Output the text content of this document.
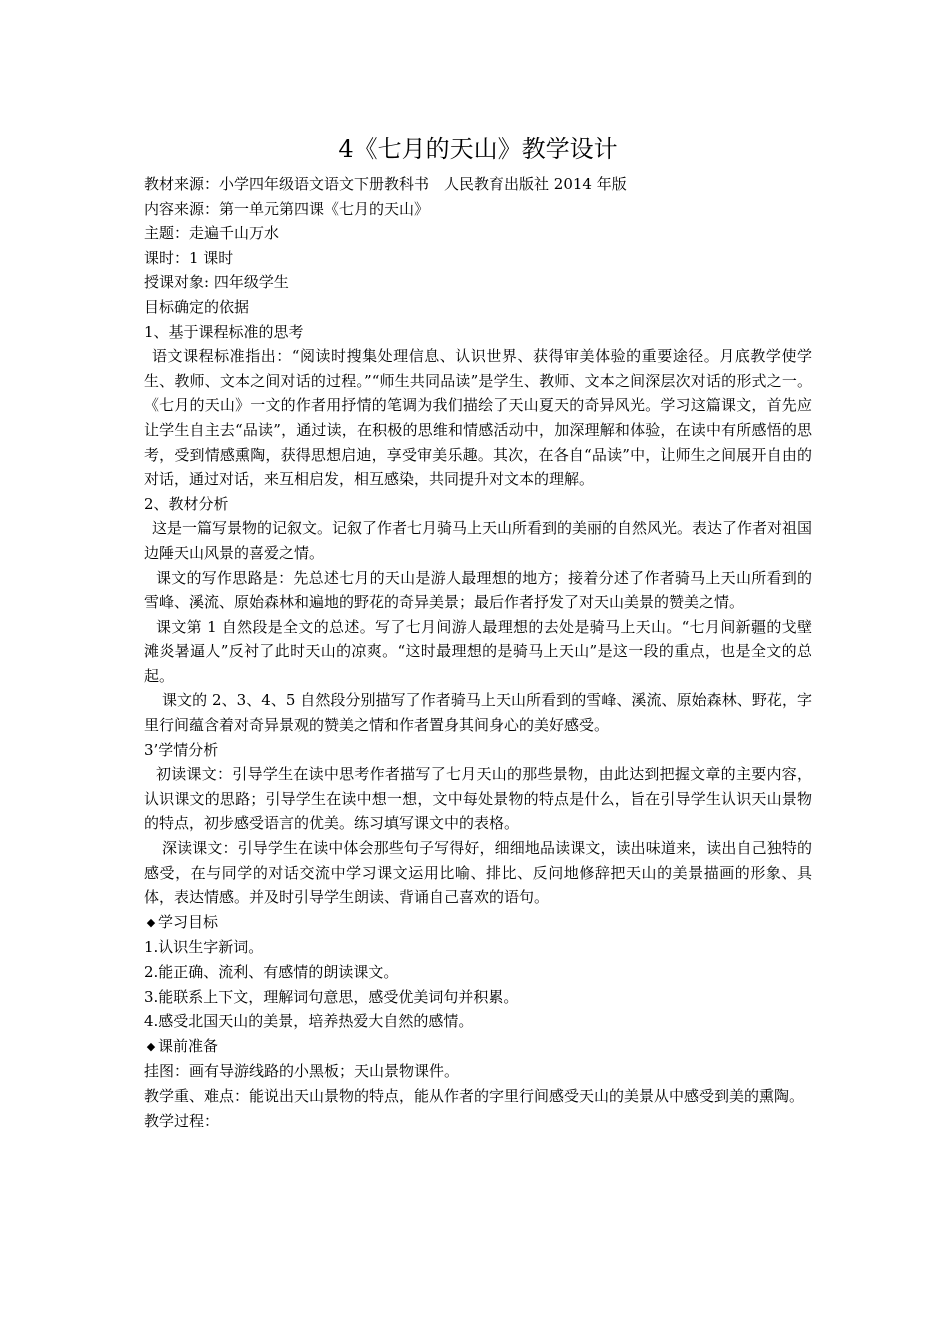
4《七月的天山》教学设计

教材来源：小学四年级语文语文下册教科书　人民教育出版社 2014 年版

内容来源：第一单元第四课《七月的天山》

主题：走遍千山万水

课时：1 课时

授课对象: 四年级学生

目标确定的依据

1、基于课程标准的思考

语文课程标准指出：“阅读时搜集处理信息、认识世界、获得审美体验的重要途径。月底教学使学生、教师、文本之间对话的过程。”“师生共同品读”是学生、教师、文本之间深层次对话的形式之一。《七月的天山》一文的作者用抒情的笔调为我们描绘了天山夏天的奇异风光。学习这篇课文，首先应让学生自主去“品读”，通过读，在积极的思维和情感活动中，加深理解和体验，在读中有所感悟的思考，受到情感熏陶，获得思想启迪，享受审美乐趣。其次，在各自“品读”中，让师生之间展开自由的对话，通过对话，来互相启发，相互感染，共同提升对文本的理解。

2、教材分析

这是一篇写景物的记叙文。记叙了作者七月骑马上天山所看到的美丽的自然风光。表达了作者对祖国边陲天山风景的喜爱之情。

课文的写作思路是：先总述七月的天山是游人最理想的地方；接着分述了作者骑马上天山所看到的雪峰、溪流、原始森林和遍地的野花的奇异美景；最后作者抒发了对天山美景的赞美之情。

课文第 1 自然段是全文的总述。写了七月间游人最理想的去处是骑马上天山。“七月间新疆的戈壁滩炎暑逼人”反衬了此时天山的凉爽。“这时最理想的是骑马上天山”是这一段的重点，也是全文的总起。

课文的 2、3、4、5 自然段分别描写了作者骑马上天山所看到的雪峰、溪流、原始森林、野花，字里行间蕴含着对奇异景观的赞美之情和作者置身其间身心的美好感受。

3’学情分析

初读课文：引导学生在读中思考作者描写了七月天山的那些景物，由此达到把握文章的主要内容，认识课文的思路；引导学生在读中想一想，文中每处景物的特点是什么，旨在引导学生认识天山景物的特点，初步感受语言的优美。练习填写课文中的表格。

深读课文：引导学生在读中体会那些句子写得好，细细地品读课文，读出味道来，读出自己独特的感受，在与同学的对话交流中学习课文运用比喻、排比、反问地修辞把天山的美景描画的形象、具体，表达情感。并及时引导学生朗读、背诵自己喜欢的语句。

◆ 学习目标

1.认识生字新词。

2.能正确、流利、有感情的朗读课文。

3.能联系上下文，理解词句意思，感受优美词句并积累。

4.感受北国天山的美景，培养热爱大自然的感情。

◆ 课前准备

挂图：画有导游线路的小黑板；天山景物课件。

教学重、难点：能说出天山景物的特点，能从作者的字里行间感受天山的美景从中感受到美的熏陶。

教学过程：
